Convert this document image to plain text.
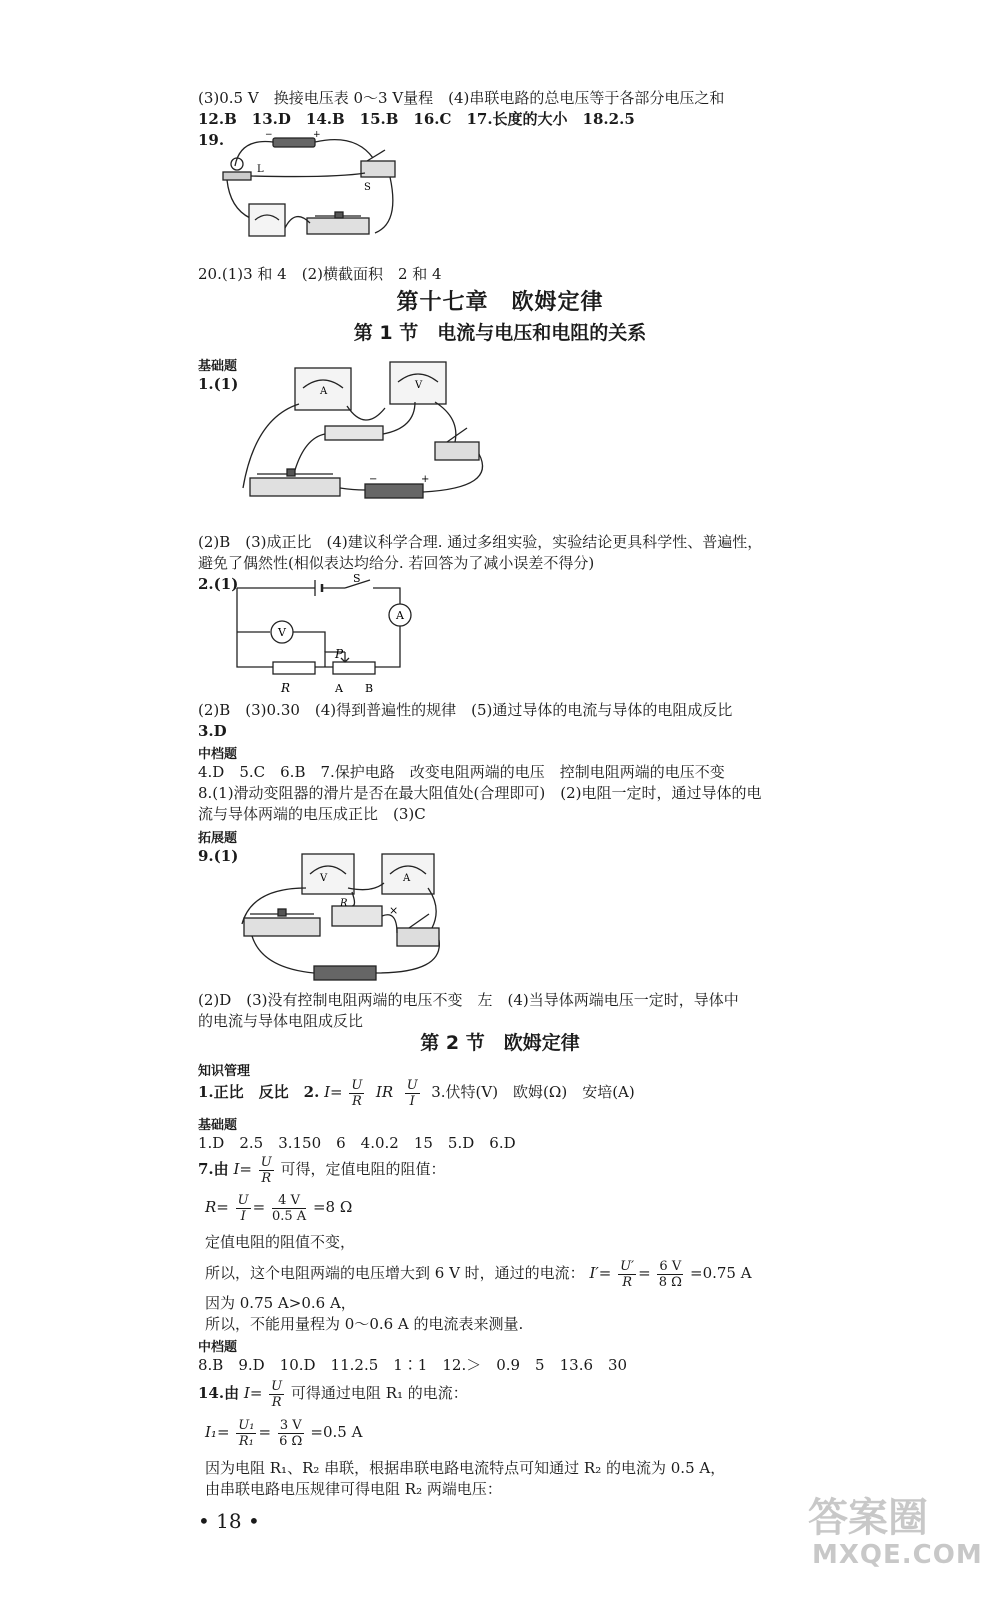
(3)0.5 V　换接电压表 0～3 V量程　(4)串联电路的总电压等于各部分电压之和
12.B　13.D　14.B　15.B　16.C　17.长度的大小　18.2.5
19.
L
S
+
−
20.(1)3 和 4　(2)横截面积　2 和 4
第十七章　欧姆定律
第 1 节　电流与电压和电阻的关系
基础题
1.(1)	A
V
−	+
(2)B　(3)成正比　(4)建议科学合理. 通过多组实验，实验结论更具科学性、普遍性，
避免了偶然性(相似表达均给分. 若回答为了减小误差不得分)
2.(1)	S
A
V
R
P
A B
(2)B　(3)0.30　(4)得到普遍性的规律　(5)通过导体的电流与导体的电阻成反比
3.D
中档题
4.D　5.C　6.B　7.保护电路　改变电阻两端的电压　控制电阻两端的电压不变
8.(1)滑动变阻器的滑片是否在最大阻值处(合理即可)　(2)电阻一定时，通过导体的电
流与导体两端的电压成正比　(3)C
拓展题
9.(1)
V	A
R
×
(2)D　(3)没有控制电阻两端的电压不变　左　(4)当导体两端电压一定时，导体中
的电流与导体电阻成反比
第 2 节　欧姆定律
知识管理
1.正比　反比　2. $I= \frac{U}{R}$ IR $\frac{U}{I} 3$.伏特(V)　欧姆(Ω)　安培(A)
基础题
1.D　2.5　3.150　6　4.0.2　15　5.D　6.D
7.由 $I= \frac{U}{R}$ 可得，定值电阻的阻值：
$R= \frac{U}{I} = \frac{4 V}{0.5 A} =8$ Ω
定值电阻的阻值不变，
所以，这个电阻两端的电压增大到 6 V 时，通过的电流： $I'= \frac{U'}{R} = \frac{6 V}{8 \Omega} =0.75$ A
因为 0.75 A>0.6 A，
所以，不能用量程为 0～0.6 A 的电流表来测量.
中档题
8.B　9.D　10.D　11.2.5　1∶1　12.＞　0.9　5　13.6　30
14.由 $I= \frac{U}{R}$ 可得通过电阻 R₁ 的电流：
$I_1= \frac{\text{U₁}}{\text{R₁}} = \frac{3 V}{6 \Omega} =0.5$ A
因为电阻 R₁、R₂ 串联，根据串联电路电流特点可知通过 R₂ 的电流为 0.5 A，
由串联电路电压规律可得电阻 R₂ 两端电压：
• 18 •	答案圈
MXQE.COM
